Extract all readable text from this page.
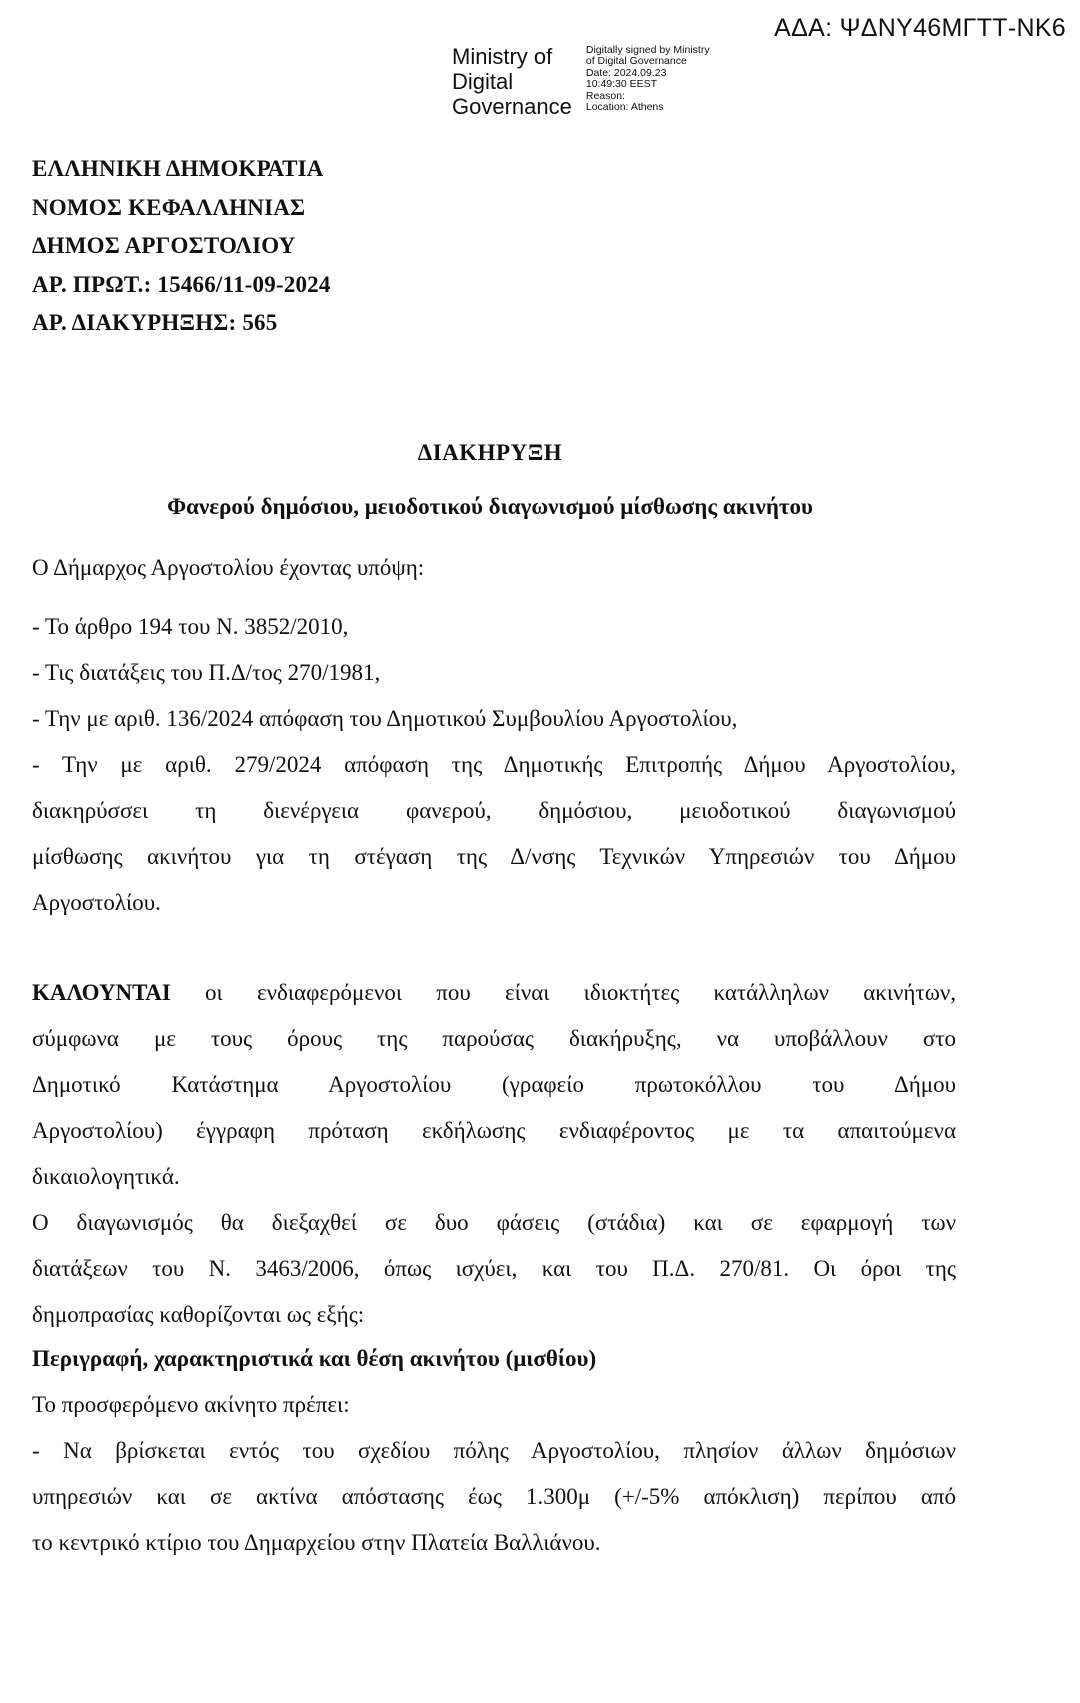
ΑΔΑ: ΨΔΝΥ46ΜΓΤΤ-ΝΚ6
Ministry of
Digital
Governance
Digitally signed by Ministry
of Digital Governance
Date: 2024.09.23
10:49:30 EEST
Reason:
Location: Athens
ΕΛΛΗΝΙΚΗ ΔΗΜΟΚΡΑΤΙΑ
ΝΟΜΟΣ ΚΕΦΑΛΛΗΝΙΑΣ
ΔΗΜΟΣ ΑΡΓΟΣΤΟΛΙΟΥ
ΑΡ. ΠΡΩΤ.: 15466/11-09-2024
ΑΡ. ΔΙΑΚΥΡΗΞΗΣ: 565
ΔΙΑΚΗΡΥΞΗ
Φανερού δημόσιου, μειοδοτικού διαγωνισμού μίσθωσης ακινήτου
Ο Δήμαρχος Αργοστολίου έχοντας υπόψη:
- Το άρθρο 194 του Ν. 3852/2010,
- Τις διατάξεις του Π.Δ/τος 270/1981,
- Την με αριθ. 136/2024 απόφαση του Δημοτικού Συμβουλίου Αργοστολίου,
- Την με αριθ. 279/2024 απόφαση της Δημοτικής Επιτροπής Δήμου Αργοστολίου,
διακηρύσσει τη διενέργεια φανερού, δημόσιου, μειοδοτικού διαγωνισμού
μίσθωσης ακινήτου για τη στέγαση της Δ/νσης Τεχνικών Υπηρεσιών του Δήμου
Αργοστολίου.
ΚΑΛΟΥΝΤΑΙ οι ενδιαφερόμενοι που είναι ιδιοκτήτες κατάλληλων ακινήτων,
σύμφωνα με τους όρους της παρούσας διακήρυξης, να υποβάλλουν στο
Δημοτικό Κατάστημα Αργοστολίου (γραφείο πρωτοκόλλου του Δήμου
Αργοστολίου) έγγραφη πρόταση εκδήλωσης ενδιαφέροντος με τα απαιτούμενα
δικαιολογητικά.
Ο διαγωνισμός θα διεξαχθεί σε δυο φάσεις (στάδια) και σε εφαρμογή των
διατάξεων του Ν. 3463/2006, όπως ισχύει, και του Π.Δ. 270/81. Οι όροι της
δημοπρασίας καθορίζονται ως εξής:
Περιγραφή, χαρακτηριστικά και θέση ακινήτου (μισθίου)
Το προσφερόμενο ακίνητο πρέπει:
- Να βρίσκεται εντός του σχεδίου πόλης Αργοστολίου, πλησίον άλλων δημόσιων
υπηρεσιών και σε ακτίνα απόστασης έως 1.300μ (+/-5% απόκλιση) περίπου από
το κεντρικό κτίριο του Δημαρχείου στην Πλατεία Βαλλιάνου.
